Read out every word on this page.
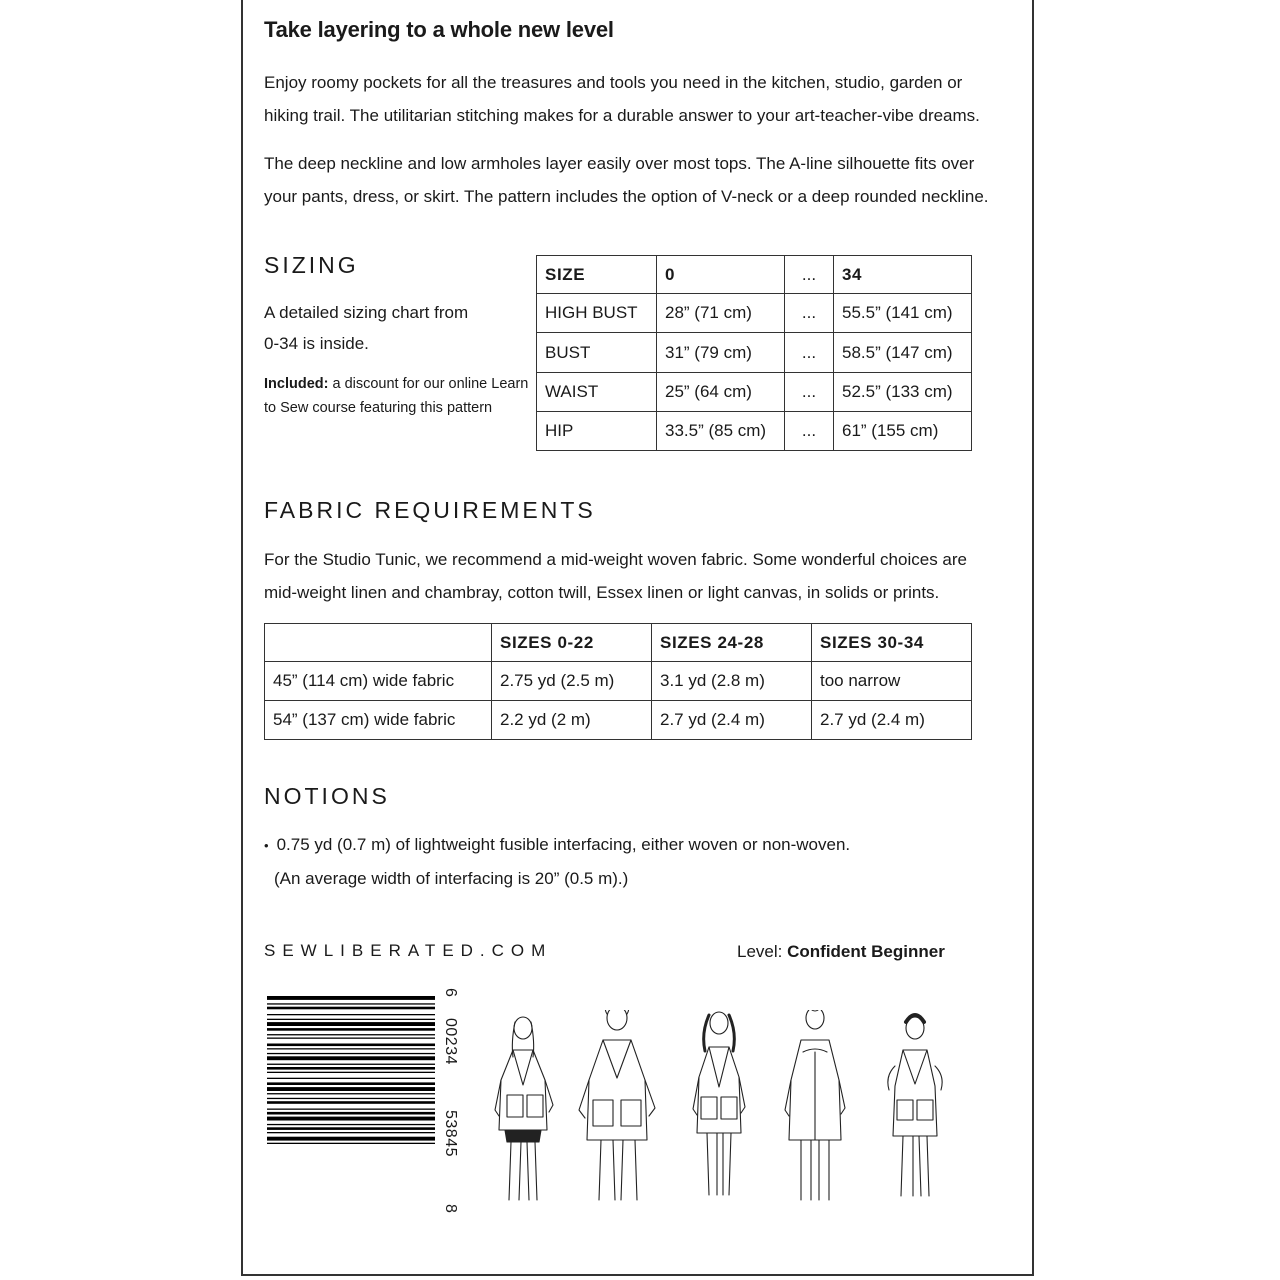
Take layering to a whole new level
Enjoy roomy pockets for all the treasures and tools you need in the kitchen, studio, garden or
hiking trail. The utilitarian stitching makes for a durable answer to your art-teacher-vibe dreams.
The deep neckline and low armholes layer easily over most tops. The A-line silhouette fits over
your pants, dress, or skirt. The pattern includes the option of V-neck or a deep rounded neckline.
SIZING
A detailed sizing chart from
0-34 is inside.
Included: a discount for our online Learn
to Sew course featuring this pattern
SIZE	0	...	34
HIGH BUST	28” (71 cm)	...	55.5” (141 cm)
BUST	31” (79 cm)	...	58.5” (147 cm)
WAIST	25” (64 cm)	...	52.5” (133 cm)
HIP	33.5” (85 cm)	...	61” (155 cm)
FABRIC REQUIREMENTS
For the Studio Tunic, we recommend a mid-weight woven fabric. Some wonderful choices are
mid-weight linen and chambray, cotton twill, Essex linen or light canvas, in solids or prints.
	SIZES 0-22	SIZES 24-28	SIZES 30-34
45” (114 cm) wide fabric	2.75 yd (2.5 m)	3.1 yd (2.8 m)	too narrow
54” (137 cm) wide fabric	2.2 yd (2 m)	2.7 yd (2.4 m)	2.7 yd (2.4 m)
NOTIONS
• 0.75 yd (0.7 m) of lightweight fusible interfacing, either woven or non-woven.
(An average width of interfacing is 20” (0.5 m).)
SEWLIBERATED.COM	Level: Confident Beginner
6
00234
53845
8
